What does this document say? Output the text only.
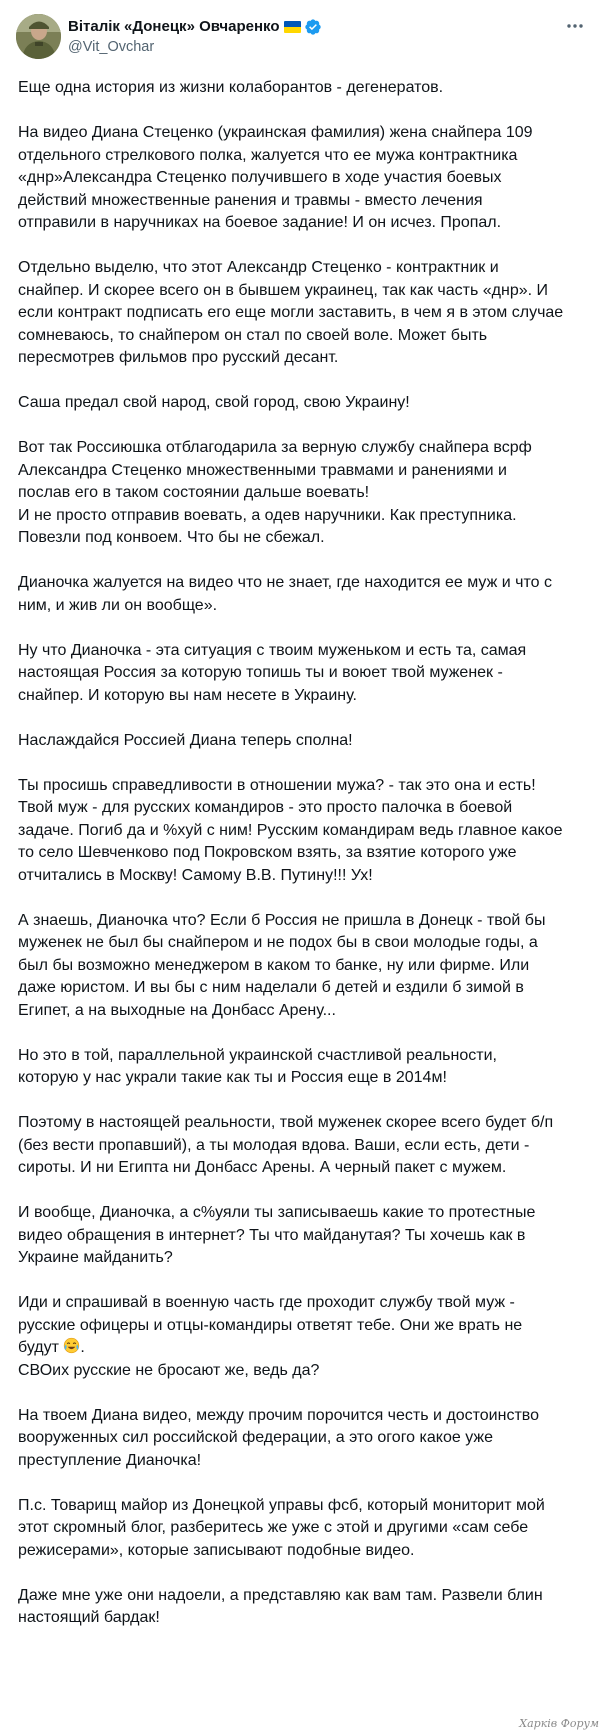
Віталік «Донецк» Овчаренко
@Vit_Ovchar

Еще одна история из жизни колаборантов - дегенератов.

На видео Диана Стеценко (украинская фамилия) жена снайпера 109
отдельного стрелкового полка, жалуется что ее мужа контрактника
«днр»Александра Стеценко получившего в ходе участия боевых
действий множественные ранения и травмы - вместо лечения
отправили в наручниках на боевое задание! И он исчез. Пропал.

Отдельно выделю, что этот Александр Стеценко - контрактник и
снайпер. И скорее всего он в бывшем украинец, так как часть «днр». И
если контракт подписать его еще могли заставить, в чем я в этом случае
сомневаюсь, то снайпером он стал по своей воле. Может быть
пересмотрев фильмов про русский десант.

Саша предал свой народ, свой город, свою Украину!

Вот так Россиюшка отблагодарила за верную службу снайпера всрф
Александра Стеценко множественными травмами и ранениями и
послав его в таком состоянии дальше воевать!
И не просто отправив воевать, а одев наручники. Как преступника.
Повезли под конвоем. Что бы не сбежал.

Дианочка жалуется на видео что не знает, где находится ее муж и что с
ним, и жив ли он вообще».

Ну что Дианочка - эта ситуация с твоим муженьком и есть та, самая
настоящая Россия за которую топишь ты и воюет твой муженек -
снайпер. И которую вы нам несете в Украину.

Наслаждайся Россией Диана теперь сполна!

Ты просишь справедливости в отношении мужа? - так это она и есть!
Твой муж - для русских командиров - это просто палочка в боевой
задаче. Погиб да и %хуй с ним! Русским командирам ведь главное какое
то село Шевченково под Покровском взять, за взятие которого уже
отчитались в Москву! Самому В.В. Путину!!! Ух!

А знаешь, Дианочка что? Если б Россия не пришла в Донецк - твой бы
муженек не был бы снайпером и не подох бы в свои молодые годы, а
был бы возможно менеджером в каком то банке, ну или фирме. Или
даже юристом. И вы бы с ним наделали б детей и ездили б зимой в
Египет, а на выходные на Донбасс Арену...

Но это в той, параллельной украинской счастливой реальности,
которую у нас украли такие как ты и Россия еще в 2014м!

Поэтому в настоящей реальности, твой муженек скорее всего будет б/п
(без вести пропавший), а ты молодая вдова. Ваши, если есть, дети -
сироты. И ни Египта ни Донбасс Арены. А черный пакет с мужем.

И вообще, Дианочка, а с%уяли ты записываешь какие то протестные
видео обращения в интернет? Ты что майданутая? Ты хочешь как в
Украине майданить?

Иди и спрашивай в военную часть где проходит службу твой муж -
русские офицеры и отцы-командиры ответят тебе. Они же врать не
будут .

СВОих русские не бросают же, ведь да?

На твоем Диана видео, между прочим порочится честь и достоинство
вооруженных сил российской федерации, а это огого какое уже
преступление Дианочка!

П.с. Товарищ майор из Донецкой управы фсб, который мониторит мой
этот скромный блог, разберитесь же уже с этой и другими «сам себе
режисерами», которые записывают подобные видео.

Даже мне уже они надоели, а представляю как вам там. Развели блин
настоящий бардак!

Харків Форум
